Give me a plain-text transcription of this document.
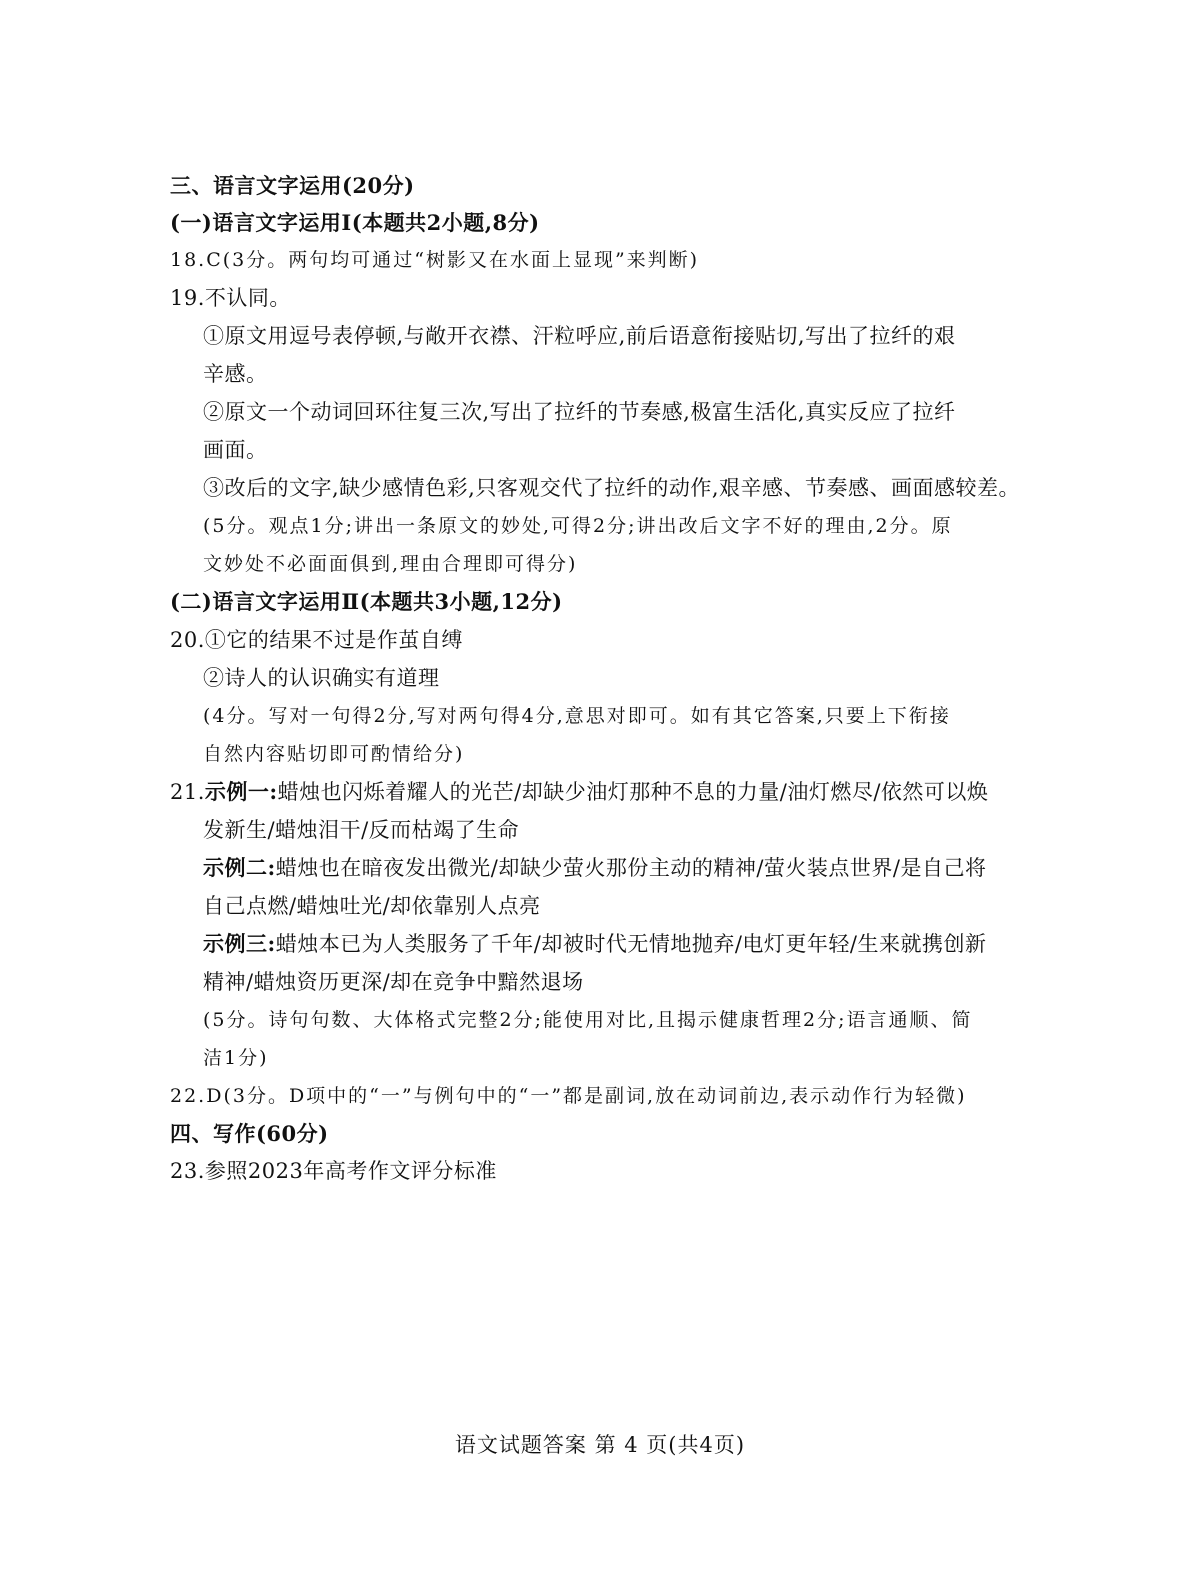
三、语言文字运用(20分)
(一)语言文字运用Ⅰ(本题共2小题,8分)
18.C(3分。两句均可通过“树影又在水面上显现”来判断)
19.不认同。
①原文用逗号表停顿,与敞开衣襟、汗粒呼应,前后语意衔接贴切,写出了拉纤的艰
辛感。
②原文一个动词回环往复三次,写出了拉纤的节奏感,极富生活化,真实反应了拉纤
画面。
③改后的文字,缺少感情色彩,只客观交代了拉纤的动作,艰辛感、节奏感、画面感较差。
(5分。观点1分;讲出一条原文的妙处,可得2分;讲出改后文字不好的理由,2分。原
文妙处不必面面俱到,理由合理即可得分)
(二)语言文字运用Ⅱ(本题共3小题,12分)
20.①它的结果不过是作茧自缚
②诗人的认识确实有道理
(4分。写对一句得2分,写对两句得4分,意思对即可。如有其它答案,只要上下衔接
自然内容贴切即可酌情给分)
21.示例一:蜡烛也闪烁着耀人的光芒/却缺少油灯那种不息的力量/油灯燃尽/依然可以焕
发新生/蜡烛泪干/反而枯竭了生命
示例二:蜡烛也在暗夜发出微光/却缺少萤火那份主动的精神/萤火装点世界/是自己将
自己点燃/蜡烛吐光/却依靠别人点亮
示例三:蜡烛本已为人类服务了千年/却被时代无情地抛弃/电灯更年轻/生来就携创新
精神/蜡烛资历更深/却在竞争中黯然退场
(5分。诗句句数、大体格式完整2分;能使用对比,且揭示健康哲理2分;语言通顺、简
洁1分)
22.D(3分。D项中的“一”与例句中的“一”都是副词,放在动词前边,表示动作行为轻微)
四、写作(60分)
23.参照2023年高考作文评分标准
语文试题答案 第 4 页(共4页)
